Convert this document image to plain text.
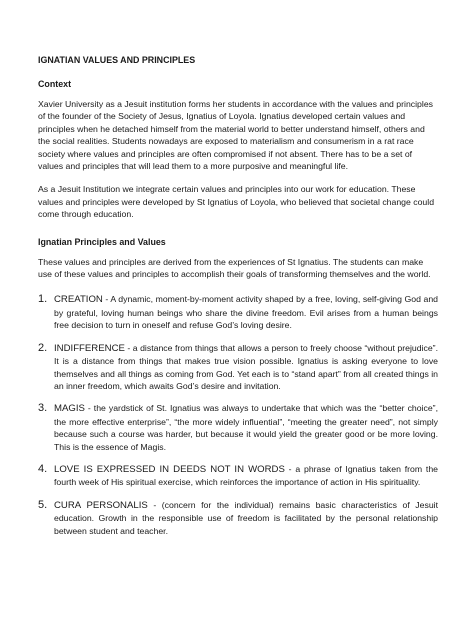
IGNATIAN VALUES AND PRINCIPLES
Context

Xavier University as a Jesuit institution forms her students in accordance with the values and principles of the founder of the Society of Jesus, Ignatius of Loyola. Ignatius developed certain values and principles when he detached himself from the material world to better understand himself, others and the social realities. Students nowadays are exposed to materialism and consumerism in a rat race society where values and principles are often compromised if not absent. There has to be a set of values and principles that will lead them to a more purposive and meaningful life.

As a Jesuit Institution we integrate certain values and principles into our work for education. These values and principles were developed by St Ignatius of Loyola, who believed that societal change could come through education.

Ignatian Principles and Values

These values and principles are derived from the experiences of St Ignatius. The students can make use of these values and principles to accomplish their goals of transforming themselves and the world.

1. CREATION - A dynamic, moment-by-moment activity shaped by a free, loving, self-giving God and by grateful, loving human beings who share the divine freedom. Evil arises from a human beings free decision to turn in oneself and refuse God’s loving desire.
2. INDIFFERENCE - a distance from things that allows a person to freely choose “without prejudice”. It is a distance from things that makes true vision possible. Ignatius is asking everyone to love themselves and all things as coming from God. Yet each is to “stand apart” from all created things in an inner freedom, which awaits God’s desire and invitation.
3. MAGIS - the yardstick of St. Ignatius was always to undertake that which was the “better choice”, the more effective enterprise”, “the more widely influential”, “meeting the greater need”, not simply because such a course was harder, but because it would yield the greater good or be more loving. This is the essence of Magis.
4. LOVE IS EXPRESSED IN DEEDS NOT IN WORDS - a phrase of Ignatius taken from the fourth week of His spiritual exercise, which reinforces the importance of action in His spirituality.
5. CURA PERSONALIS - (concern for the individual) remains basic characteristics of Jesuit education. Growth in the responsible use of freedom is facilitated by the personal relationship between student and teacher.
